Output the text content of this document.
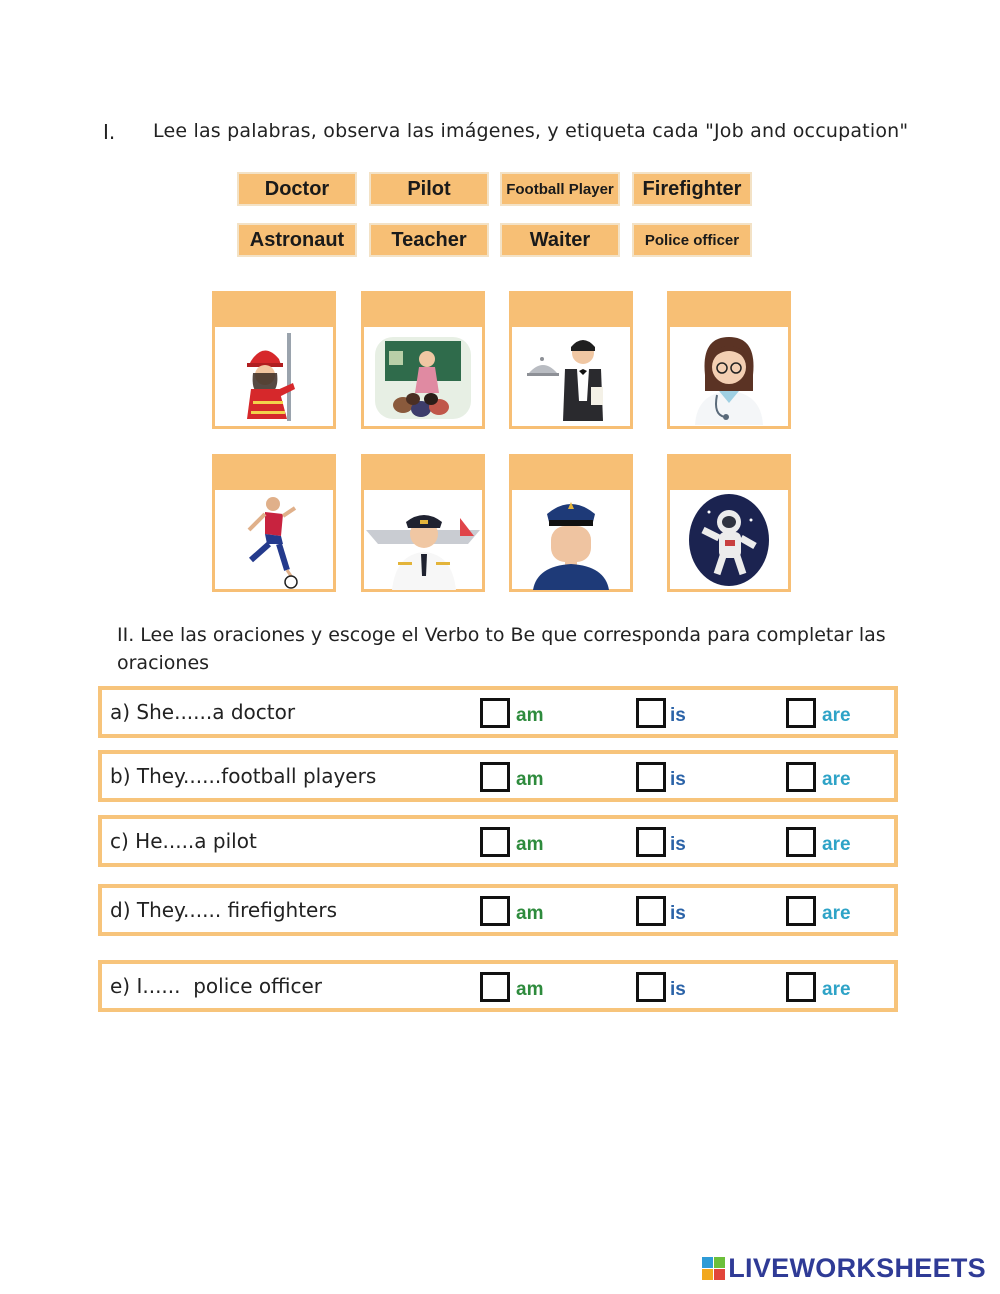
I. Lee las palabras, observa las imágenes, y etiqueta cada "Job and occupation"
Doctor	Pilot	Football Player	Firefighter
Astronaut	Teacher	Waiter	Police officer
II. Lee las oraciones y escoge el Verbo to Be que corresponda para completar las oraciones
a) She......a doctor	am	is	are
b) They......football players	am	is	are
c) He.....a pilot	am	is	are
d) They...... firefighters	am	is	are
e) I......  police officer	am	is	are
LIVEWORKSHEETS
